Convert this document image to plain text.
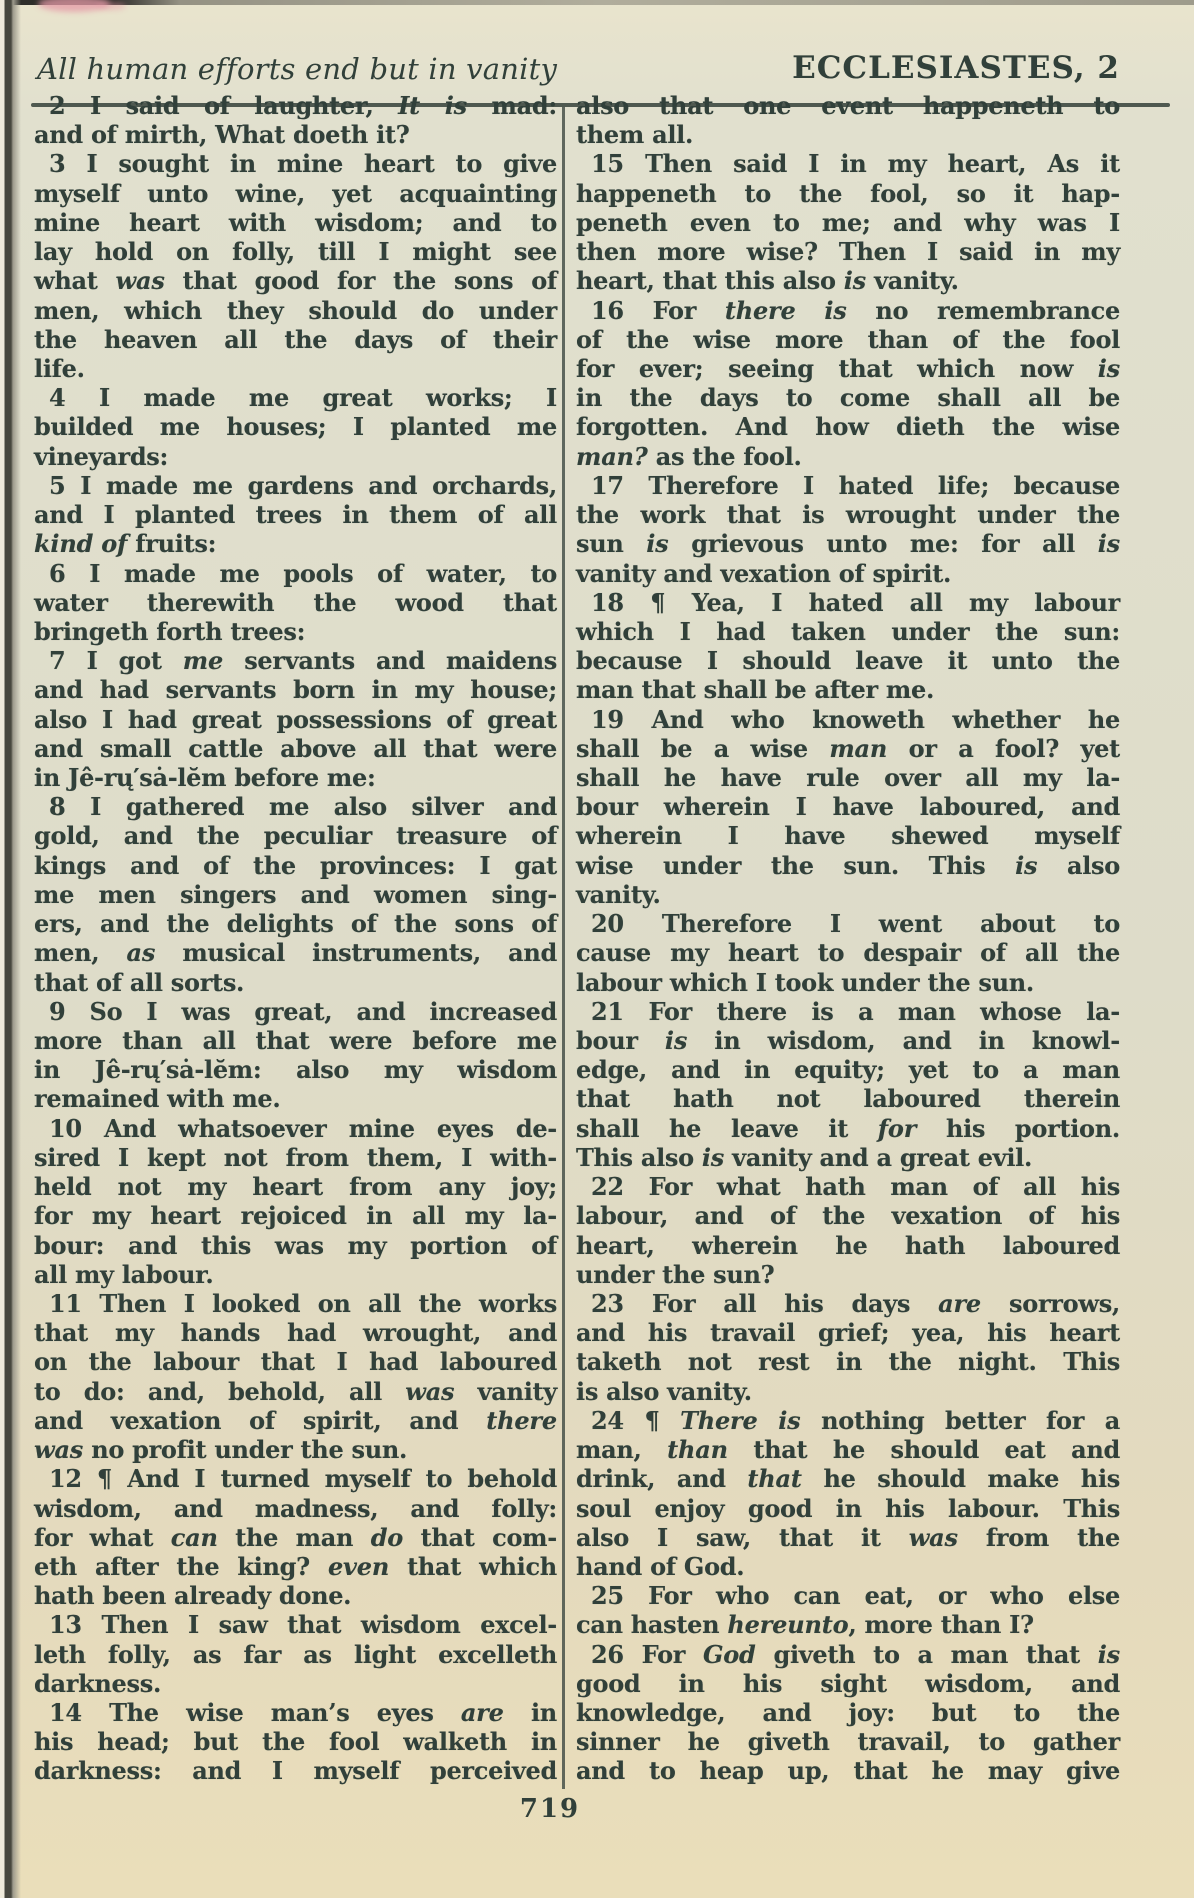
All human efforts end but in vanity	ECCLESIASTES, 2
2 I said of laughter, It is mad:
and of mirth, What doeth it?
3 I sought in mine heart to give
myself unto wine, yet acquainting
mine heart with wisdom; and to
lay hold on folly, till I might see
what was that good for the sons of
men, which they should do under
the heaven all the days of their
life.
4 I made me great works; I
builded me houses; I planted me
vineyards:
5 I made me gardens and orchards,
and I planted trees in them of all
kind of fruits:
6 I made me pools of water, to
water therewith the wood that
bringeth forth trees:
7 I got me servants and maidens
and had servants born in my house;
also I had great possessions of great
and small cattle above all that were
in Jê-rų′sȧ-lĕm before me:
8 I gathered me also silver and
gold, and the peculiar treasure of
kings and of the provinces: I gat
me men singers and women sing-
ers, and the delights of the sons of
men, as musical instruments, and
that of all sorts.
9 So I was great, and increased
more than all that were before me
in Jê-rų′sȧ-lĕm: also my wisdom
remained with me.
10 And whatsoever mine eyes de-
sired I kept not from them, I with-
held not my heart from any joy;
for my heart rejoiced in all my la-
bour: and this was my portion of
all my labour.
11 Then I looked on all the works
that my hands had wrought, and
on the labour that I had laboured
to do: and, behold, all was vanity
and vexation of spirit, and there
was no profit under the sun.
12 ¶ And I turned myself to behold
wisdom, and madness, and folly:
for what can the man do that com-
eth after the king? even that which
hath been already done.
13 Then I saw that wisdom excel-
leth folly, as far as light excelleth
darkness.
14 The wise man’s eyes are in
his head; but the fool walketh in
darkness: and I myself perceived
also that one event happeneth to
them all.
15 Then said I in my heart, As it
happeneth to the fool, so it hap-
peneth even to me; and why was I
then more wise? Then I said in my
heart, that this also is vanity.
16 For there is no remembrance
of the wise more than of the fool
for ever; seeing that which now is
in the days to come shall all be
forgotten. And how dieth the wise
man? as the fool.
17 Therefore I hated life; because
the work that is wrought under the
sun is grievous unto me: for all is
vanity and vexation of spirit.
18 ¶ Yea, I hated all my labour
which I had taken under the sun:
because I should leave it unto the
man that shall be after me.
19 And who knoweth whether he
shall be a wise man or a fool? yet
shall he have rule over all my la-
bour wherein I have laboured, and
wherein I have shewed myself
wise under the sun. This is also
vanity.
20 Therefore I went about to
cause my heart to despair of all the
labour which I took under the sun.
21 For there is a man whose la-
bour is in wisdom, and in knowl-
edge, and in equity; yet to a man
that hath not laboured therein
shall he leave it for his portion.
This also is vanity and a great evil.
22 For what hath man of all his
labour, and of the vexation of his
heart, wherein he hath laboured
under the sun?
23 For all his days are sorrows,
and his travail grief; yea, his heart
taketh not rest in the night. This
is also vanity.
24 ¶ There is nothing better for a
man, than that he should eat and
drink, and that he should make his
soul enjoy good in his labour. This
also I saw, that it was from the
hand of God.
25 For who can eat, or who else
can hasten hereunto, more than I?
26 For God giveth to a man that is
good in his sight wisdom, and
knowledge, and joy: but to the
sinner he giveth travail, to gather
and to heap up, that he may give
719
